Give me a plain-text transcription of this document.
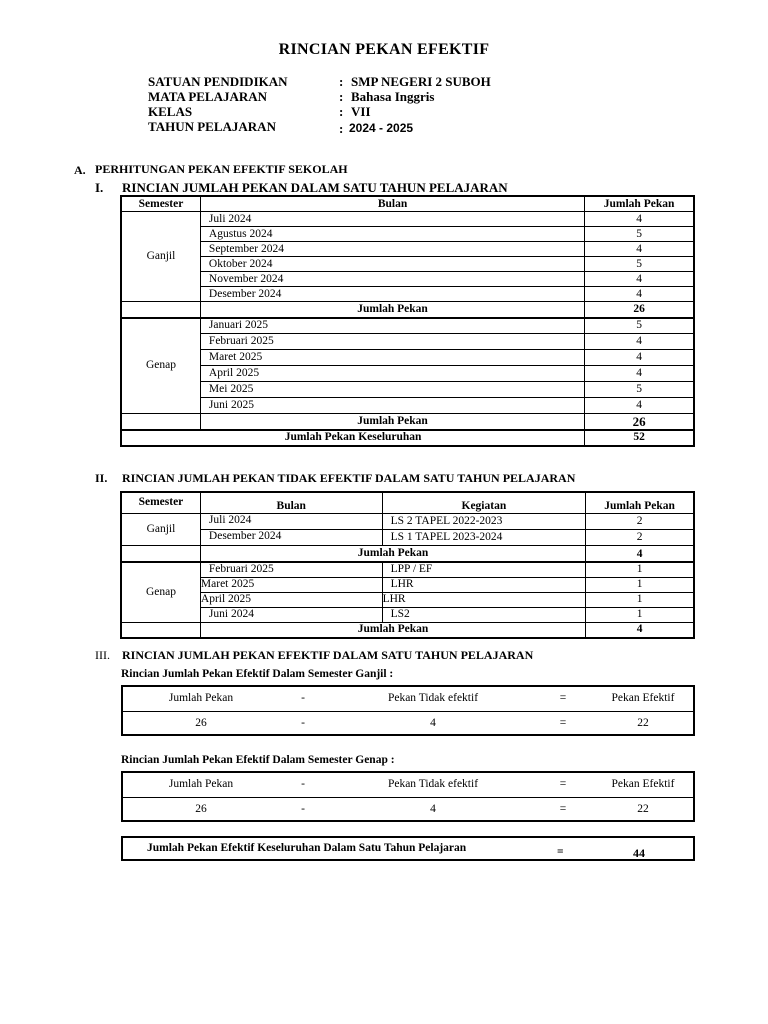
RINCIAN PEKAN EFEKTIF
SATUAN PENDIDIKAN	: SMP NEGERI 2 SUBOH
MATA PELAJARAN	: Bahasa Inggris
KELAS	: VII
TAHUN PELAJARAN	: 2024 - 2025
A. PERHITUNGAN PEKAN EFEKTIF SEKOLAH
I. RINCIAN JUMLAH PEKAN DALAM SATU TAHUN PELAJARAN
Semester	Bulan	Jumlah Pekan
Ganjil	Juli 2024	4
	Agustus 2024	5
	September 2024	4
	Oktober 2024	5
	November 2024	4
	Desember 2024	4
	Jumlah Pekan	26
Genap	Januari 2025	5
	Februari 2025	4
	Maret 2025	4
	April 2025	4
	Mei 2025	5
	Juni 2025	4
	Jumlah Pekan	26
Jumlah Pekan Keseluruhan		52
II. RINCIAN JUMLAH PEKAN TIDAK EFEKTIF DALAM SATU TAHUN PELAJARAN
Semester	Bulan	Kegiatan	Jumlah Pekan
Ganjil	Juli 2024	LS 2 TAPEL 2022-2023	2
	Desember 2024	LS 1 TAPEL 2023-2024	2
	Jumlah Pekan		4
Genap	Februari 2025	LPP / EF	1
	Maret 2025	LHR	1
	April 2025	LHR	1
	Juni 2024	LS2	1
	Jumlah Pekan		4
III. RINCIAN JUMLAH PEKAN EFEKTIF DALAM SATU TAHUN PELAJARAN
Rincian Jumlah Pekan Efektif Dalam Semester Ganjil :
Jumlah Pekan	-	Pekan Tidak efektif	=	Pekan Efektif
26	-	4	=	22
Rincian Jumlah Pekan Efektif Dalam Semester Genap :
Jumlah Pekan	-	Pekan Tidak efektif	=	Pekan Efektif
26	-	4	=	22
Jumlah Pekan Efektif Keseluruhan Dalam Satu Tahun Pelajaran	=	44
